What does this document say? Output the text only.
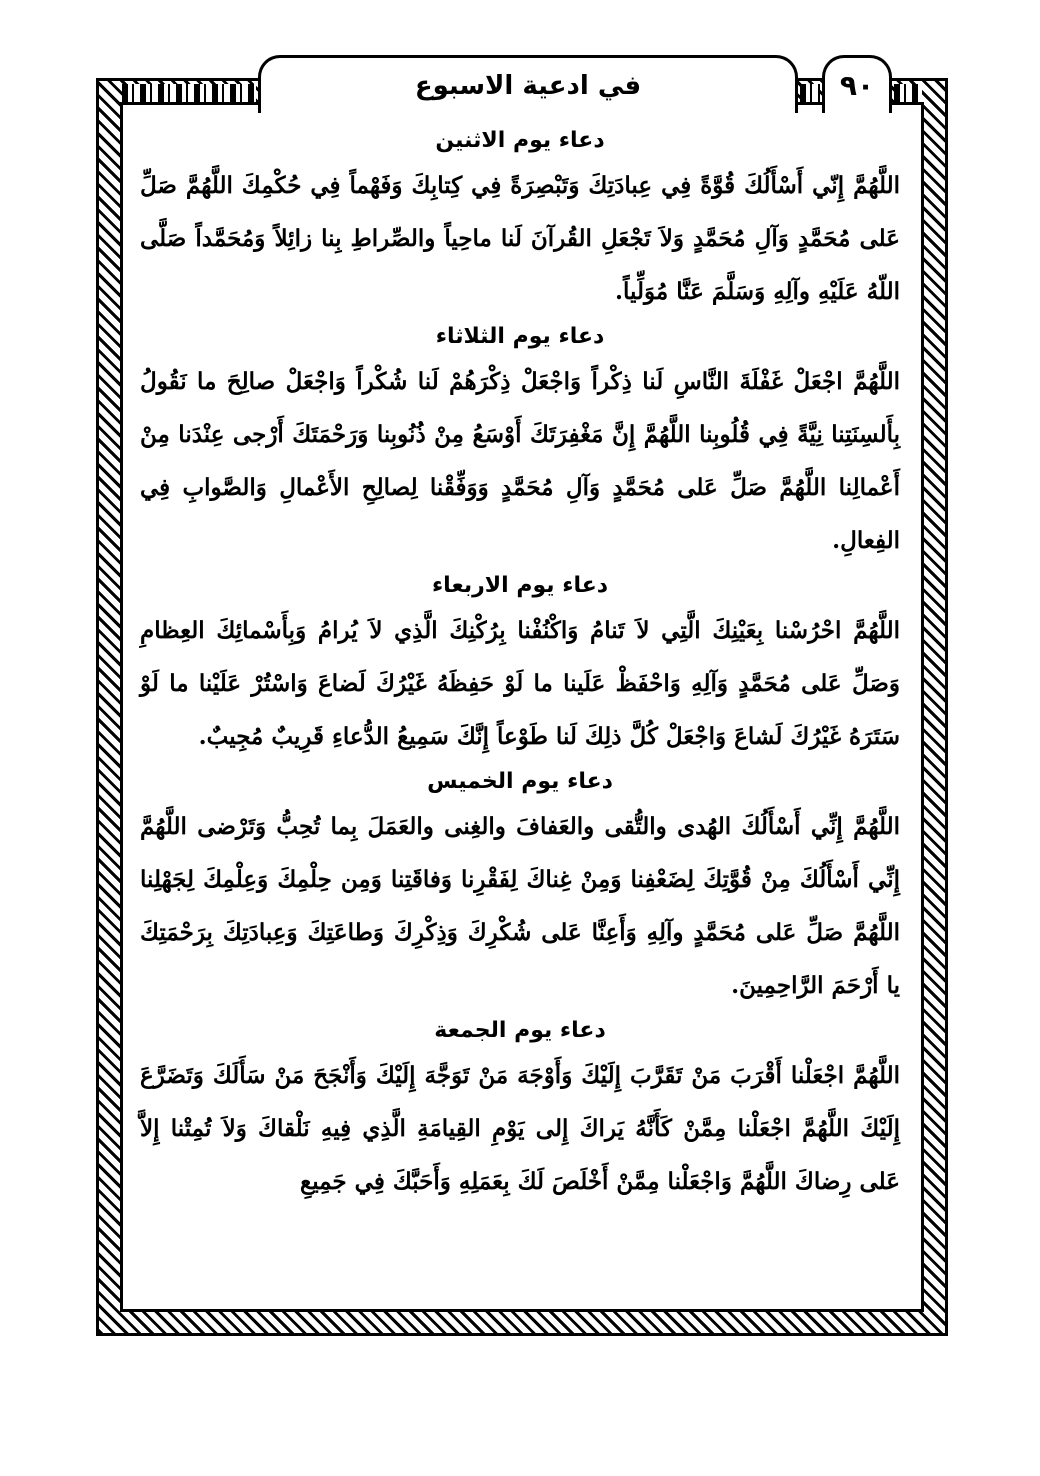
في ادعية الاسبوع	٩٠
دعاء يوم الاثنين

اللَّهُمَّ إِنّي أَسْأَلُكَ قُوَّةً فِي عِبادَتِكَ وَتَبْصِرَةً فِي كِتابِكَ وَفَهْماً فِي حُكْمِكَ اللَّهُمَّ صَلِّ عَلى مُحَمَّدٍ وَآلِ مُحَمَّدٍ وَلاَ تَجْعَلِ القُرآنَ لَنا ماحِياً والصِّراطِ بِنا زائِلاً وَمُحَمَّداً صَلَّى اللّهُ عَلَيْهِ وآلِهِ وَسَلَّمَ عَنَّا مُوَلِّياً.

دعاء يوم الثلاثاء

اللَّهُمَّ اجْعَلْ غَفْلَةَ النَّاسِ لَنا ذِكْراً وَاجْعَلْ ذِكْرَهُمْ لَنا شُكْراً وَاجْعَلْ صالِحَ ما نَقُولُ بِأَلسِنَتِنا نِيَّةً فِي قُلُوبِنا اللَّهُمَّ إِنَّ مَغْفِرَتَكَ أَوْسَعُ مِنْ ذُنُوبِنا وَرَحْمَتَكَ أَرْجى عِنْدَنا مِنْ أَعْمالِنا اللَّهُمَّ صَلِّ عَلى مُحَمَّدٍ وَآلِ مُحَمَّدٍ وَوَفِّقْنا لِصالِحِ الأَعْمالِ وَالصَّوابِ فِي الفِعالِ.

دعاء يوم الاربعاء

اللَّهُمَّ احْرُسْنا بِعَيْنِكَ الَّتِي لاَ تَنامُ وَاكْنُفْنا بِرُكْنِكَ الَّذِي لاَ يُرامُ وَبِأَسْمائِكَ العِظامِ وَصَلِّ عَلى مُحَمَّدٍ وَآلِهِ وَاحْفَظْ عَلَينا ما لَوْ حَفِظَهُ غَيْرُكَ لَضاعَ وَاسْتُرْ عَلَيْنا ما لَوْ سَتَرَهُ غَيْرُكَ لَشاعَ وَاجْعَلْ كُلَّ ذلِكَ لَنا طَوْعاً إِنَّكَ سَمِيعُ الدُّعاءِ قَرِيبٌ مُجِيبٌ.

دعاء يوم الخميس

اللَّهُمَّ إِنِّي أَسْأَلُكَ الهُدى والتُّقى والعَفافَ والغِنى والعَمَلَ بِما تُحِبُّ وَتَرْضى اللَّهُمَّ إِنِّي أَسْأَلُكَ مِنْ قُوَّتِكَ لِضَعْفِنا وَمِنْ غِناكَ لِفَقْرِنا وَفاقَتِنا وَمِن حِلْمِكَ وَعِلْمِكَ لِجَهْلِنا اللَّهُمَّ صَلِّ عَلى مُحَمَّدٍ وآلِهِ وَأَعِنَّا عَلى شُكْرِكَ وَذِكْرِكَ وَطاعَتِكَ وَعِبادَتِكَ بِرَحْمَتِكَ يا أَرْحَمَ الرَّاحِمِينَ.

دعاء يوم الجمعة

اللَّهُمَّ اجْعَلْنا أَقْرَبَ مَنْ تَقَرَّبَ إِلَيْكَ وَأَوْجَهَ مَنْ تَوَجَّهَ إِلَيْكَ وَأَنْجَحَ مَنْ سَأَلَكَ وَتَضَرَّعَ إِلَيْكَ اللَّهُمَّ اجْعَلْنا مِمَّنْ كَأَنَّهُ يَراكَ إِلى يَوْمِ القِيامَةِ الَّذِي فِيهِ نَلْقاكَ وَلاَ تُمِتْنا إِلاَّ عَلى رِضاكَ اللَّهُمَّ وَاجْعَلْنا مِمَّنْ أَخْلَصَ لَكَ بِعَمَلِهِ وَأَحَبَّكَ فِي جَمِيعِ
